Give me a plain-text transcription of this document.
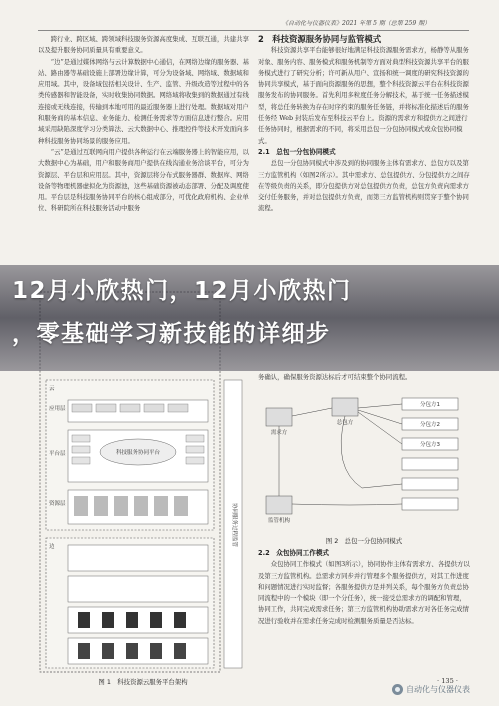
《自动化与仪器仪表》2021 年第 5 期（总第 259 期）

跨行业、跨区域、跨领域科技服务资源高度集成、互联互通，共建共享以及提升服务协同质量具有重要意义。

“边”是通过媒体网络与云计算数据中心通信，在网络边缘的服务器、基站、路由器等基础设施上部署边缘计算，可分为设备域、网络域、数据域和应用域。其中，设备域包括相关设计、生产、监管、升级改造等过程中的各类传感器和智能设备，实时收集协同数据。网络域将收集到的数据通过有线连接或无线连接，传输到本地可用的最近服务器上进行处理。数据域对用户和服务商的基本信息、业务能力、检测任务需求等方面信息进行整合。应用域采用缺陷深度学习分类算法、云大数据中心、推理控件等技术开发面向多种科技服务协同场景的服务应用。

“云”是通过互联网向用户提供各种运行在云端服务器上的智能应用，以大数据中心为基础，用户和服务商用户提供在线沟通业务洽谈平台，可分为资源层、平台层和应用层。其中，资源层将分布式服务器群、数据库、网络设备等物理机器虚拟化为资源池，这些基础资源被动态部署、分配及调度使用。平台层是科技服务协同平台的核心组成部分，可优化政府机构、企业单位、科研院所在科技服务活动中服务

2　科技资源服务协同与监管模式

科技资源共享平台能够很好地满足科技资源服务需求方，杨静等从服务对象、服务内容、服务模式和服务机制等方面对典型科技资源共享平台的服务模式进行了研究分析；许可新从用户、宣扬和统一调度的研究科技资源的协同共享模式，基于面向资源服务的思想，整个科技资源云平台在科技资源服务发布的协同服务。首先利用多粒度任务分解技术，基于统一任务描述模型，将总任务转换为存在时序约束的服务任务链，并将标准化描述后的服务任务经 Web 封装后发布至科技云平台上。资源的需求方和提供方之间进行任务协同时，根据需求的不同，将采用总包一分包协同模式或众包协同模式。

2.1　总包一分包协同模式

总包一分包协同模式中涉及到的协同服务主体有需求方、总包方以及第三方监管机构（如图2所示）。其中需求方、总包提供方、分包提供方之间存在等级负责的关系，即分包提供方对总包提供方负责，总包方负责向需求方交付任务服务，并对总包提供方负责，而第三方监管机构则贯穿于整个协同流程。

云
应用层
平台层
资源层
科技服务协同平台
边	协同服务过程监管
图 1　科技资源云服务平台架构
12月小欣热门，12月小欣热门
，零基础学习新技能的详细步

务确认，确保服务资源达标后才可结束整个协同流程。

需求方
总包方
分包方1
分包方2
分包方3
监管机构
图 2　总包一分包协同模式

2.2　众包协同工作模式

众包协同工作模式（如图3所示），协同协作主体有需求方、各提供方以及第三方监管机构。总需求方同步并行管理多个服务提供方，对其工作进度和问题情况进行实时监督；各服务提供方是并列关系，每个服务方负责总协同流程中的一个模块（即一个分任务），统一接受总需求方的调配和管理，协同工作，共同完成需求任务；第三方监管机构协助需求方对各任务完成情况进行验收并在需求任务完成时检测服务质量是否达标。

· 135 ·
自动化与仪器仪表
